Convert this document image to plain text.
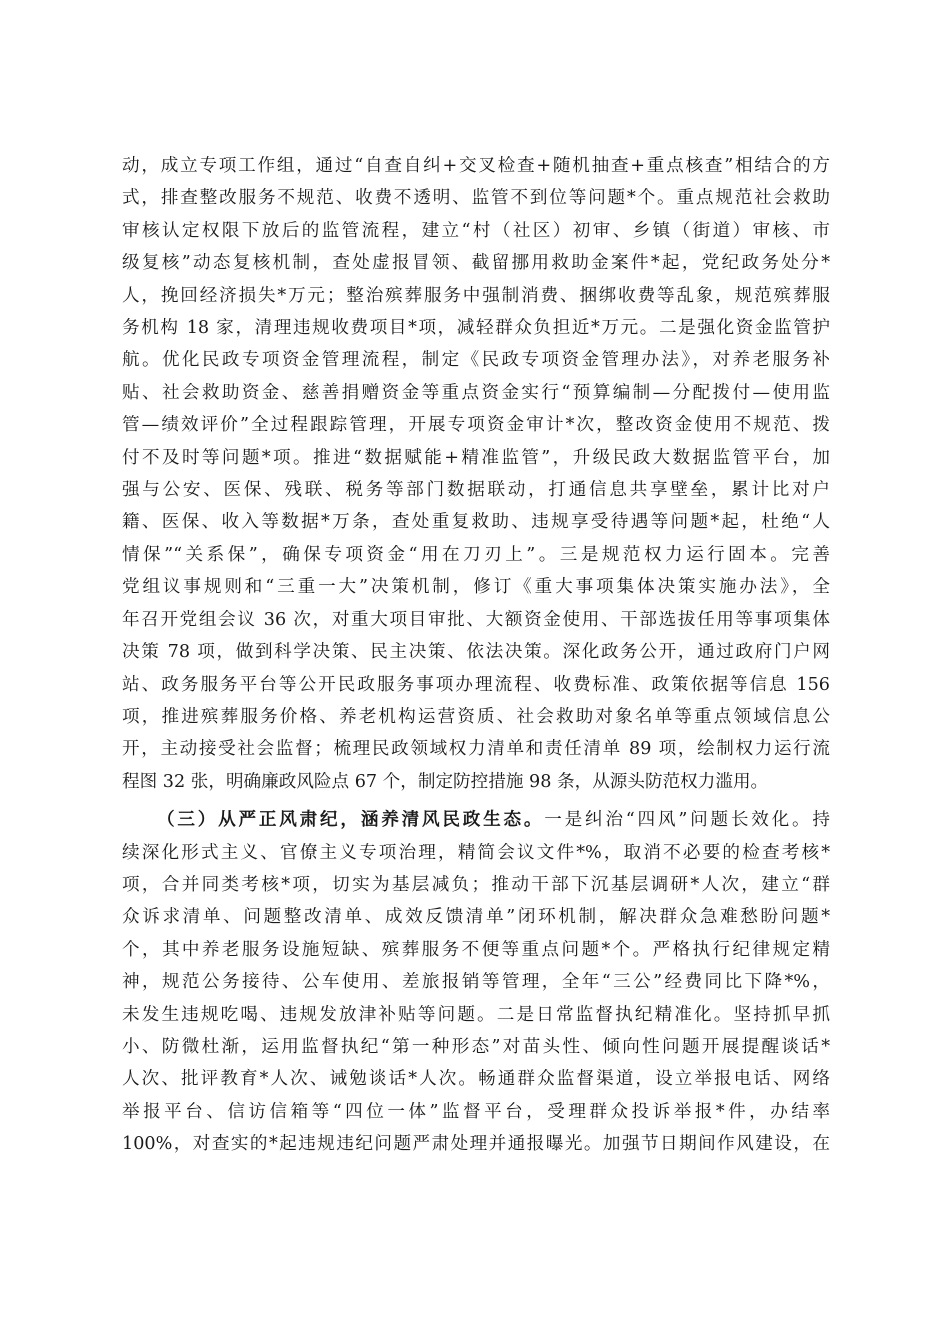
动，成立专项工作组，通过“自查自纠+交叉检查+随机抽查+重点核查”相结合的方
式，排查整改服务不规范、收费不透明、监管不到位等问题*个。重点规范社会救助
审核认定权限下放后的监管流程，建立“村（社区）初审、乡镇（街道）审核、市
级复核”动态复核机制，查处虚报冒领、截留挪用救助金案件*起，党纪政务处分*
人，挽回经济损失*万元；整治殡葬服务中强制消费、捆绑收费等乱象，规范殡葬服
务机构 18 家，清理违规收费项目*项，减轻群众负担近*万元。二是强化资金监管护
航。优化民政专项资金管理流程，制定《民政专项资金管理办法》，对养老服务补
贴、社会救助资金、慈善捐赠资金等重点资金实行“预算编制—分配拨付—使用监
管—绩效评价”全过程跟踪管理，开展专项资金审计*次，整改资金使用不规范、拨
付不及时等问题*项。推进“数据赋能+精准监管”，升级民政大数据监管平台，加
强与公安、医保、残联、税务等部门数据联动，打通信息共享壁垒，累计比对户
籍、医保、收入等数据*万条，查处重复救助、违规享受待遇等问题*起，杜绝“人
情保”“关系保”，确保专项资金“用在刀刃上”。三是规范权力运行固本。完善
党组议事规则和“三重一大”决策机制，修订《重大事项集体决策实施办法》，全
年召开党组会议 36 次，对重大项目审批、大额资金使用、干部选拔任用等事项集体
决策 78 项，做到科学决策、民主决策、依法决策。深化政务公开，通过政府门户网
站、政务服务平台等公开民政服务事项办理流程、收费标准、政策依据等信息 156
项，推进殡葬服务价格、养老机构运营资质、社会救助对象名单等重点领域信息公
开，主动接受社会监督；梳理民政领域权力清单和责任清单 89 项，绘制权力运行流
程图 32 张，明确廉政风险点 67 个，制定防控措施 98 条，从源头防范权力滥用。
（三）从严正风肃纪，涵养清风民政生态。一是纠治“四风”问题长效化。持
续深化形式主义、官僚主义专项治理，精简会议文件*%，取消不必要的检查考核*
项，合并同类考核*项，切实为基层减负；推动干部下沉基层调研*人次，建立“群
众诉求清单、问题整改清单、成效反馈清单”闭环机制，解决群众急难愁盼问题*
个，其中养老服务设施短缺、殡葬服务不便等重点问题*个。严格执行纪律规定精
神，规范公务接待、公车使用、差旅报销等管理，全年“三公”经费同比下降*%，
未发生违规吃喝、违规发放津补贴等问题。二是日常监督执纪精准化。坚持抓早抓
小、防微杜渐，运用监督执纪“第一种形态”对苗头性、倾向性问题开展提醒谈话*
人次、批评教育*人次、诫勉谈话*人次。畅通群众监督渠道，设立举报电话、网络
举报平台、信访信箱等“四位一体”监督平台，受理群众投诉举报*件，办结率
100%，对查实的*起违规违纪问题严肃处理并通报曝光。加强节日期间作风建设，在
